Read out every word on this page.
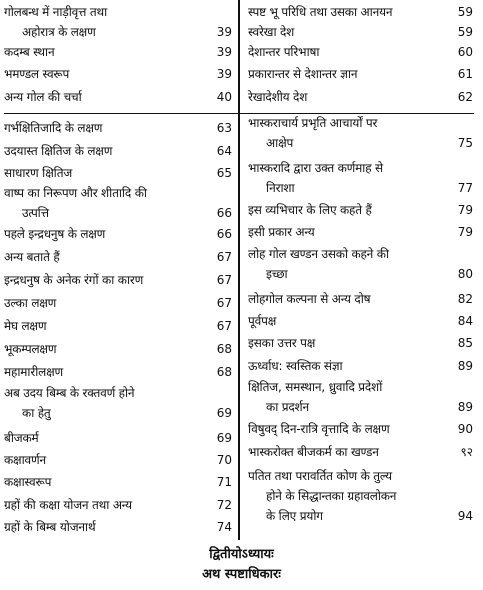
गोलबन्ध में नाड़ीवृत्त तथा
अहोरात्र के लक्षण	39
कदम्ब स्थान	39
भमण्डल स्वरूप	39
अन्य गोल की चर्चा	40
गर्भक्षितिजादि के लक्षण	63
उदयास्त क्षितिज के लक्षण	64
साधारण क्षितिज	65
वाष्प का निरूपण और शीतादि की
उत्पत्ति	66
पहले इन्द्रधनुष के लक्षण	66
अन्य बताते हैं	67
इन्द्रधनुष के अनेक रंगों का कारण	67
उल्का लक्षण	67
मेघ लक्षण	67
भूकम्पलक्षण	68
महामारीलक्षण	68
अब उदय बिम्ब के रक्तवर्ण होने
का हेतु	69
बीजकर्म	69
कक्षावर्णन	70
कक्षास्वरूप	71
ग्रहों की कक्षा योजन तथा अन्य	72
ग्रहों के बिम्ब योजनार्थ	74
स्पष्ट भू परिधि तथा उसका आनयन	59
स्वरेखा देश	59
देशान्तर परिभाषा	60
प्रकारान्तर से देशान्तर ज्ञान	61
रेखादेशीय देश	62
भास्कराचार्य प्रभृति आचार्यों पर
आक्षेप	75
भास्करादि द्वारा उक्त कर्णमाह से
निराशा	77
इस व्यभिचार के लिए कहते हैं	79
इसी प्रकार अन्य	79
लोह गोल खण्डन उसको कहने की
इच्छा	80
लोहगोल कल्पना से अन्य दोष	82
पूर्वपक्ष	84
इसका उत्तर पक्ष	85
ऊर्ध्वाध: स्वस्तिक संज्ञा	89
क्षितिज, समस्थान, ध्रुवादि प्रदेशों
का प्रदर्शन	89
विषुवद् दिन-रात्रि वृत्तादि के लक्षण	90
भास्करोक्त बीजकर्म का खण्डन	९२
पतित तथा परावर्तित कोण के तुल्य
होने के सिद्धान्तका ग्रहावलोकन
के लिए प्रयोग	94
द्वितीयोऽध्यायः
अथ स्पष्टाधिकारः
